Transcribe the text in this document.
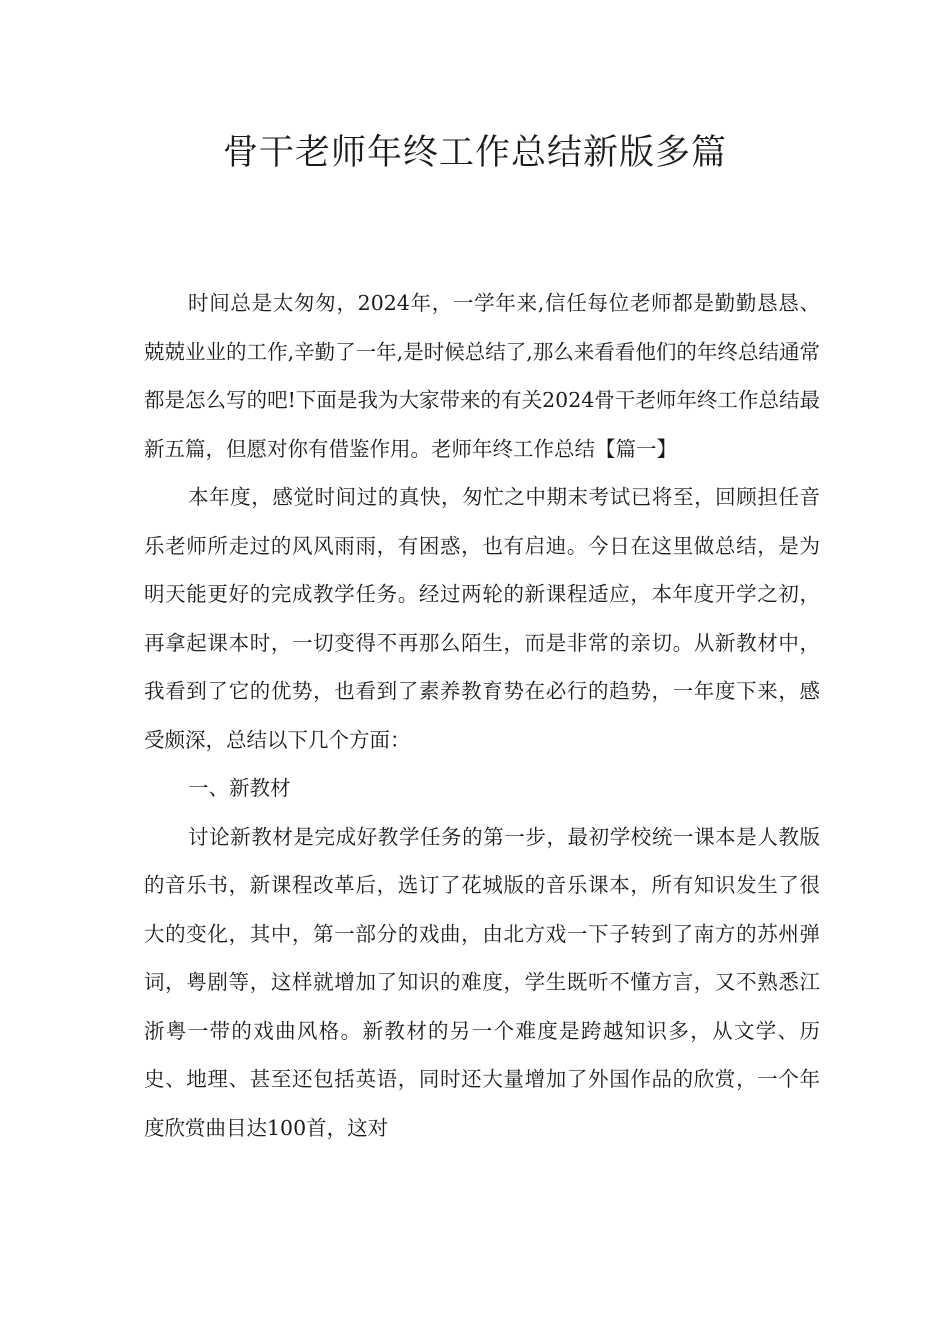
骨干老师年终工作总结新版多篇

时间总是太匆匆，2024年，一学年来,信任每位老师都是勤勤恳恳、兢兢业业的工作,辛勤了一年,是时候总结了,那么来看看他们的年终总结通常都是怎么写的吧!下面是我为大家带来的有关2024骨干老师年终工作总结最新五篇，但愿对你有借鉴作用。老师年终工作总结【篇一】

本年度，感觉时间过的真快，匆忙之中期末考试已将至，回顾担任音乐老师所走过的风风雨雨，有困惑，也有启迪。今日在这里做总结，是为明天能更好的完成教学任务。经过两轮的新课程适应，本年度开学之初，再拿起课本时，一切变得不再那么陌生，而是非常的亲切。从新教材中，我看到了它的优势，也看到了素养教育势在必行的趋势，一年度下来，感受颇深，总结以下几个方面：

一、新教材

讨论新教材是完成好教学任务的第一步，最初学校统一课本是人教版的音乐书，新课程改革后，选订了花城版的音乐课本，所有知识发生了很大的变化，其中，第一部分的戏曲，由北方戏一下子转到了南方的苏州弹词，粤剧等，这样就增加了知识的难度，学生既听不懂方言，又不熟悉江浙粤一带的戏曲风格。新教材的另一个难度是跨越知识多，从文学、历史、地理、甚至还包括英语，同时还大量增加了外国作品的欣赏，一个年度欣赏曲目达100首，这对
